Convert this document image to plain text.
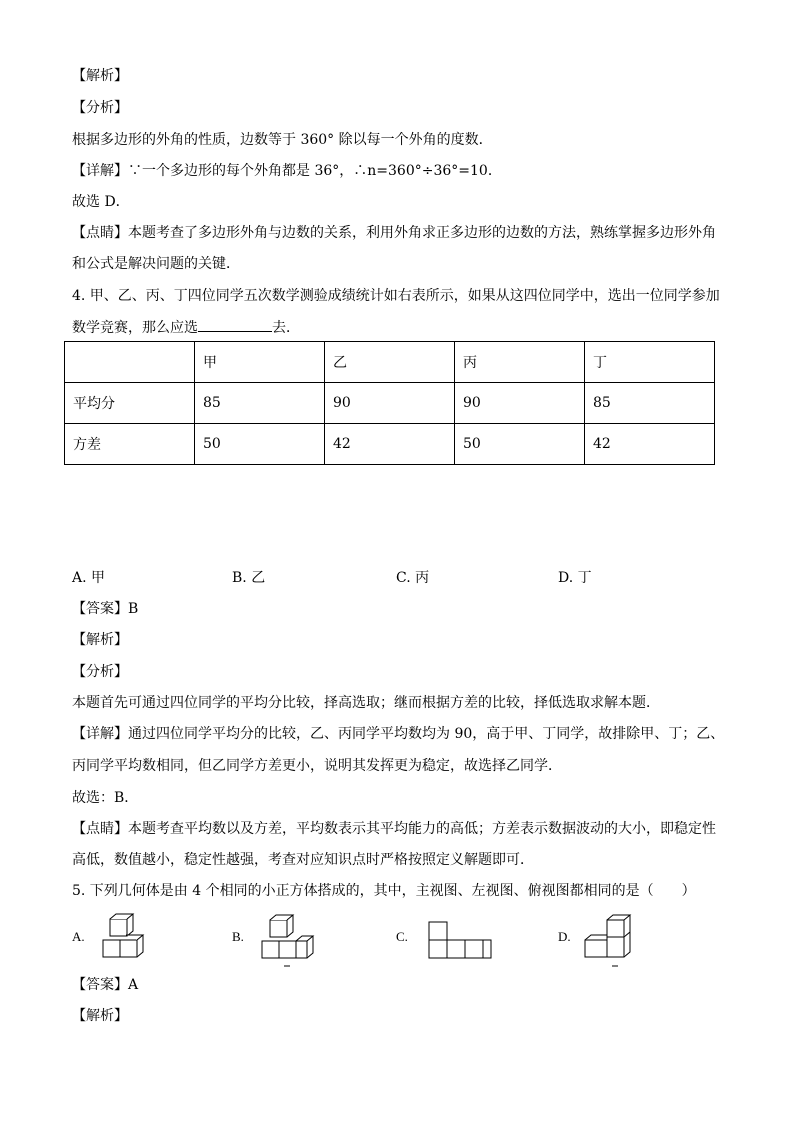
【解析】
【分析】
根据多边形的外角的性质，边数等于 360° 除以每一个外角的度数．
【详解】∵一个多边形的每个外角都是 36°，∴n=360°÷36°=10．
故选 D．
【点睛】本题考查了多边形外角与边数的关系，利用外角求正多边形的边数的方法，熟练掌握多边形外角
和公式是解决问题的关键．
4. 甲、乙、丙、丁四位同学五次数学测验成绩统计如右表所示，如果从这四位同学中，选出一位同学参加
数学竞赛，那么应选	去．
	甲	乙	丙	丁
平均分	85	90	90	85
方差	50	42	50	42
A. 甲	B. 乙	C. 丙	D. 丁
【答案】B
【解析】
【分析】
本题首先可通过四位同学的平均分比较，择高选取；继而根据方差的比较，择低选取求解本题．
【详解】通过四位同学平均分的比较，乙、丙同学平均数均为 90，高于甲、丁同学，故排除甲、丁；乙、
丙同学平均数相同，但乙同学方差更小，说明其发挥更为稳定，故选择乙同学．
故选：B．
【点睛】本题考查平均数以及方差，平均数表示其平均能力的高低；方差表示数据波动的大小，即稳定性
高低，数值越小，稳定性越强，考查对应知识点时严格按照定义解题即可．
5. 下列几何体是由 4 个相同的小正方体搭成的，其中，主视图、左视图、俯视图都相同的是（　　）
A.	B.	C.	D.
【答案】A
【解析】
